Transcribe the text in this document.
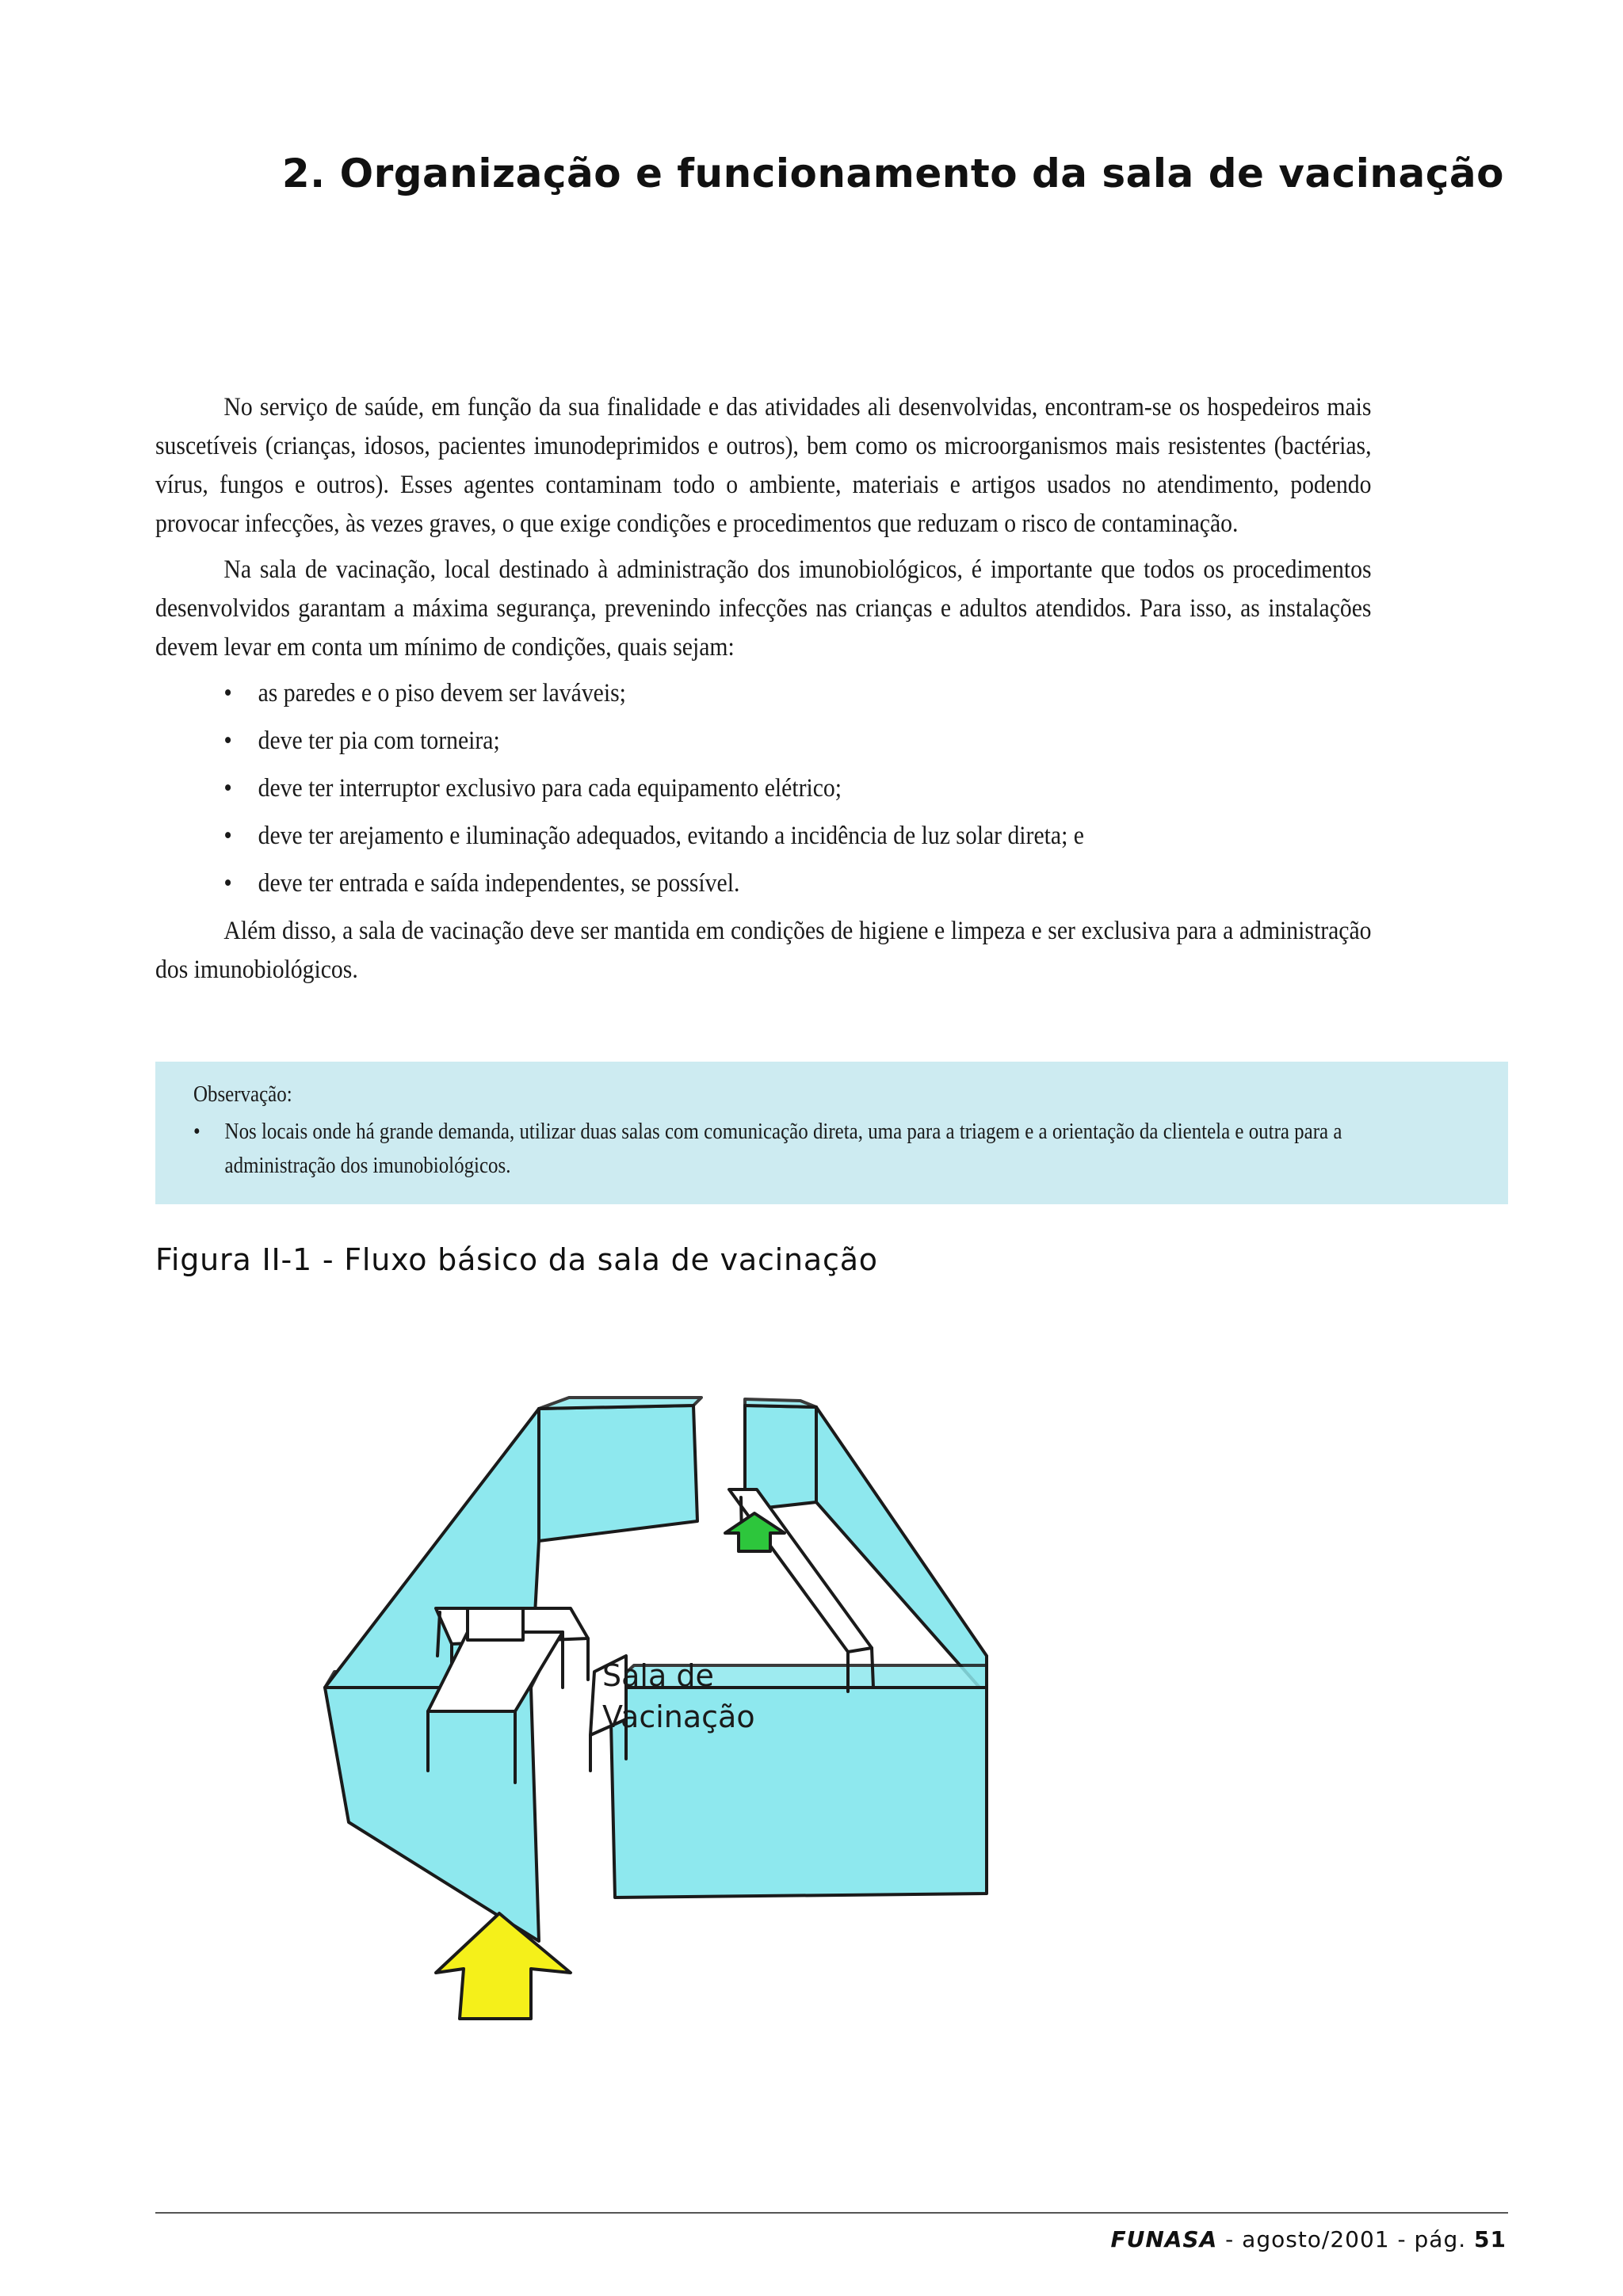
2. Organização e funcionamento da sala de vacinação

No serviço de saúde, em função da sua finalidade e das atividades ali desenvolvidas, encontram-se os hospedeiros mais suscetíveis (crianças, idosos, pacientes imunodeprimidos e outros), bem como os microorganismos mais resistentes (bactérias, vírus, fungos e outros). Esses agentes contaminam todo o ambiente, materiais e artigos usados no atendimento, podendo provocar infecções, às vezes graves, o que exige condições e procedimentos que reduzam o risco de contaminação.

Na sala de vacinação, local destinado à administração dos imunobiológicos, é importante que todos os procedimentos desenvolvidos garantam a máxima segurança, prevenindo infecções nas crianças e adultos atendidos. Para isso, as instalações devem levar em conta um mínimo de condições, quais sejam:

• as paredes e o piso devem ser laváveis;
• deve ter pia com torneira;
• deve ter interruptor exclusivo para cada equipamento elétrico;
• deve ter arejamento e iluminação adequados, evitando a incidência de luz solar direta; e
• deve ter entrada e saída independentes, se possível.

Além disso, a sala de vacinação deve ser mantida em condições de higiene e limpeza e ser exclusiva para a administração dos imunobiológicos.

Observação:
• Nos locais onde há grande demanda, utilizar duas salas com comunicação direta, uma para a triagem e a orientação da clientela e outra para a administração dos imunobiológicos.
Figura II-1 - Fluxo básico da sala de vacinação
Sala de
Vacinação
FUNASA - agosto/2001 - pág. 51
